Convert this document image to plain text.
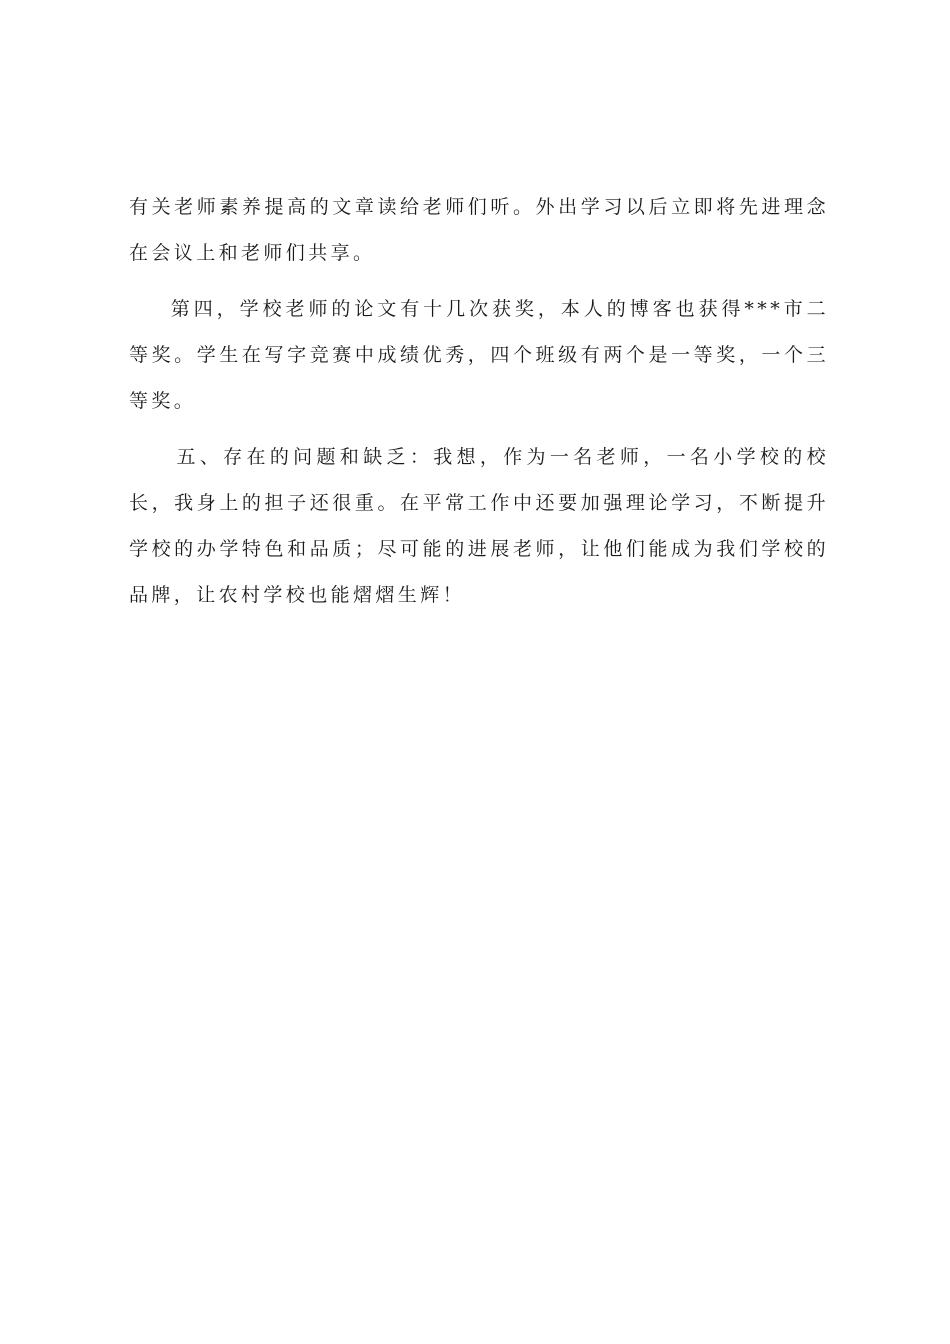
有关老师素养提高的文章读给老师们听。外出学习以后立即将先进理念在会议上和老师们共享。

第四，学校老师的论文有十几次获奖，本人的博客也获得***市二等奖。学生在写字竞赛中成绩优秀，四个班级有两个是一等奖，一个三等奖。

五、存在的问题和缺乏：我想，作为一名老师，一名小学校的校长，我身上的担子还很重。在平常工作中还要加强理论学习，不断提升学校的办学特色和品质；尽可能的进展老师，让他们能成为我们学校的品牌，让农村学校也能熠熠生辉！
